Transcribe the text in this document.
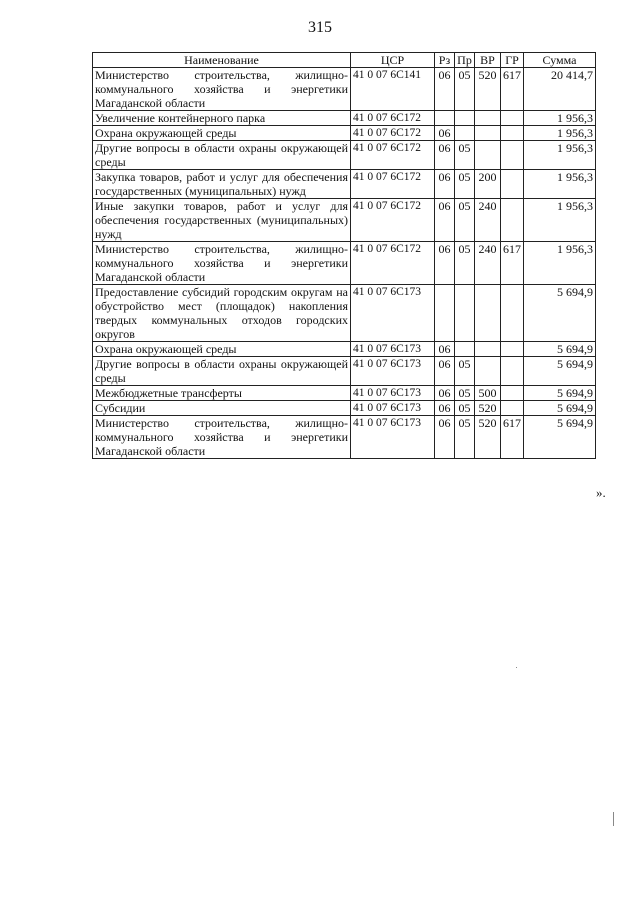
315
Наименование	ЦСР	Рз	Пр	ВР	ГР	Сумма
Министерство строительства, жилищно-коммунального хозяйства и энергетики Магаданской области	41 0 07 6С141	06	05	520	617	20 414,7
Увеличение контейнерного парка	41 0 07 6С172					1 956,3
Охрана окружающей среды	41 0 07 6С172	06				1 956,3
Другие вопросы в области охраны окружающей среды	41 0 07 6С172	06	05			1 956,3
Закупка товаров, работ и услуг для обеспечения государственных (муниципальных) нужд	41 0 07 6С172	06	05	200		1 956,3
Иные закупки товаров, работ и услуг для обеспечения государственных (муниципальных) нужд	41 0 07 6С172	06	05	240		1 956,3
Министерство строительства, жилищно-коммунального хозяйства и энергетики Магаданской области	41 0 07 6С172	06	05	240	617	1 956,3
Предоставление субсидий городским округам на обустройство мест (площадок) накопления твердых коммунальных отходов городских округов	41 0 07 6С173					5 694,9
Охрана окружающей среды	41 0 07 6С173	06				5 694,9
Другие вопросы в области охраны окружающей среды	41 0 07 6С173	06	05			5 694,9
Межбюджетные трансферты	41 0 07 6С173	06	05	500		5 694,9
Субсидии	41 0 07 6С173	06	05	520		5 694,9
Министерство строительства, жилищно-коммунального хозяйства и энергетики Магаданской области	41 0 07 6С173	06	05	520	617	5 694,9
».
